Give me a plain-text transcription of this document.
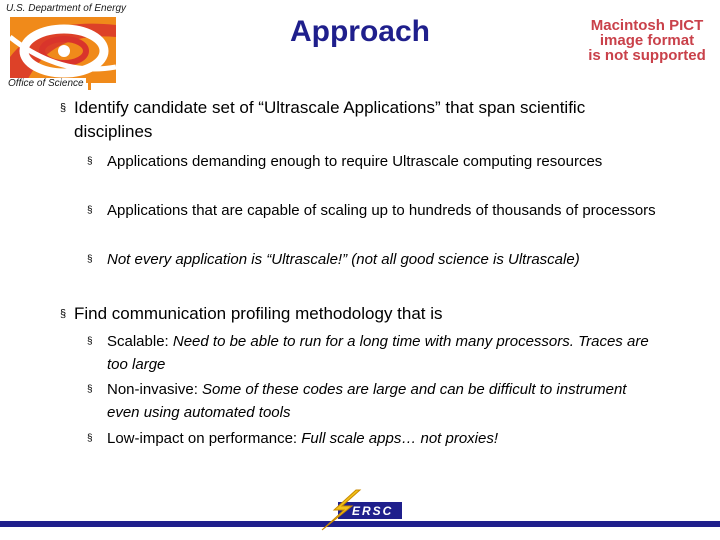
U.S. Department of Energy
Office of Science
Approach	Macintosh PICT
image format
is not supported
§ Identify candidate set of “Ultrascale Applications” that span scientific disciplines
§ Applications demanding enough to require Ultrascale computing resources
§ Applications that are capable of scaling up to hundreds of thousands of processors
§ Not every application is “Ultrascale!” (not all good science is Ultrascale)
§ Find communication profiling methodology that is
§ Scalable: Need to be able to run for a long time with many processors. Traces are too large
§ Non-invasive: Some of these codes are large and can be difficult to instrument even using automated tools
§ Low-impact on performance: Full scale apps… not proxies!
ERSC
